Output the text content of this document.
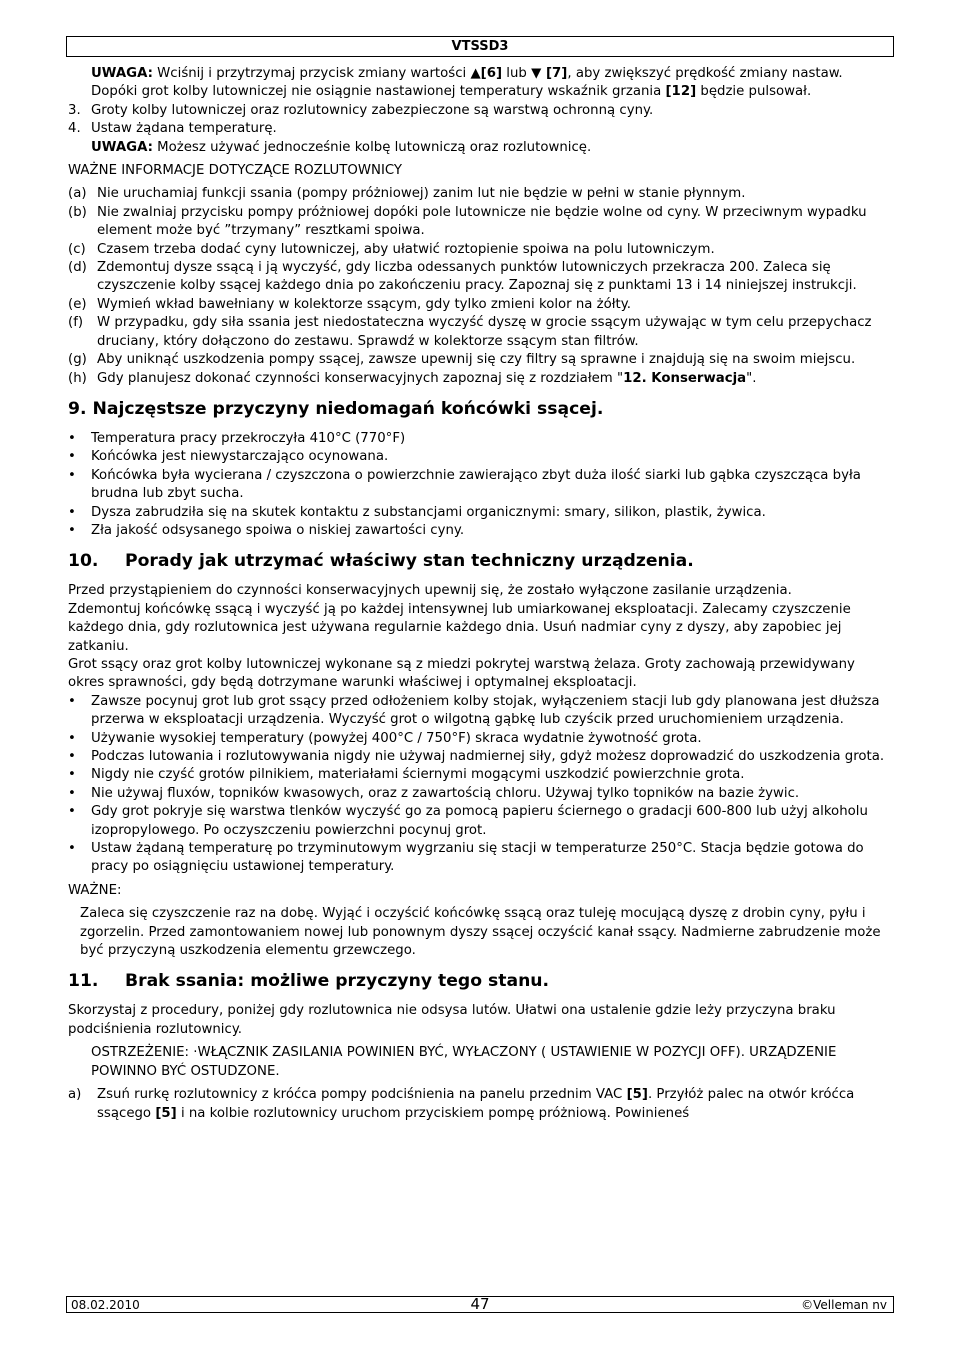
VTSSD3

UWAGA: Wciśnij i przytrzymaj przycisk zmiany wartości ▲[6] lub ▼ [7], aby zwiększyć prędkość zmiany nastaw. Dopóki grot kolby lutowniczej nie osiągnie nastawionej temperatury wskaźnik grzania [12] będzie pulsował.

3. Groty kolby lutowniczej oraz rozlutownicy zabezpieczone są warstwą ochronną cyny.
4. Ustaw żądana temperaturę.

UWAGA: Możesz używać jednocześnie kolbę lutowniczą oraz rozlutownicę.

WAŻNE INFORMACJE DOTYCZĄCE ROZLUTOWNICY

(a) Nie uruchamiaj funkcji ssania (pompy próżniowej) zanim lut nie będzie w pełni w stanie płynnym.
(b) Nie zwalniaj przycisku pompy próżniowej dopóki pole lutownicze nie będzie wolne od cyny. W przeciwnym wypadku element może być ”trzymany” resztkami spoiwa.
(c) Czasem trzeba dodać cyny lutowniczej, aby ułatwić roztopienie spoiwa na polu lutowniczym.
(d) Zdemontuj dysze ssącą i ją wyczyść, gdy liczba odessanych punktów lutowniczych przekracza 200. Zaleca się czyszczenie kolby ssącej każdego dnia po zakończeniu pracy. Zapoznaj się z punktami 13 i 14 niniejszej instrukcji.
(e) Wymień wkład bawełniany w kolektorze ssącym, gdy tylko zmieni kolor na żółty.
(f)	W przypadku, gdy siła ssania jest niedostateczna wyczyść dyszę w grocie ssącym używając w tym celu przepychacz druciany, który dołączono do zestawu. Sprawdź w kolektorze ssącym stan filtrów.
(g) Aby uniknąć uszkodzenia pompy ssącej, zawsze upewnij się czy filtry są sprawne i znajdują się na swoim miejscu.
(h) Gdy planujesz dokonać czynności konserwacyjnych zapoznaj się z rozdziałem "12. Konserwacja".
9. Najczęstsze przyczyny niedomagań końcówki ssącej.
•	Temperatura pracy przekroczyła 410°C (770°F)
•	Końcówka jest niewystarczająco ocynowana.
•	Końcówka była wycierana / czyszczona o powierzchnie zawierająco zbyt duża ilość siarki lub gąbka czyszcząca była brudna lub zbyt sucha.
•	Dysza zabrudziła się na skutek kontaktu z substancjami organicznymi: smary, silikon, plastik, żywica.
•	Zła jakość odsysanego spoiwa o niskiej zawartości cyny.
10.	Porady jak utrzymać właściwy stan techniczny urządzenia.

Przed przystąpieniem do czynności konserwacyjnych upewnij się, że zostało wyłączone zasilanie urządzenia.

Zdemontuj końcówkę ssącą i wyczyść ją po każdej intensywnej lub umiarkowanej eksploatacji. Zalecamy czyszczenie każdego dnia, gdy rozlutownica jest używana regularnie każdego dnia. Usuń nadmiar cyny z dyszy, aby zapobiec jej zatkaniu.

Grot ssący oraz grot kolby lutowniczej wykonane są z miedzi pokrytej warstwą żelaza. Groty zachowają przewidywany okres sprawności, gdy będą dotrzymane warunki właściwej i optymalnej eksploatacji.

•	Zawsze pocynuj grot lub grot ssący przed odłożeniem kolby stojak, wyłączeniem stacji lub gdy planowana jest dłuższa przerwa w eksploatacji urządzenia. Wyczyść grot o wilgotną gąbkę lub czyścik przed uruchomieniem urządzenia.
•	Używanie wysokiej temperatury (powyżej 400°C / 750°F) skraca wydatnie żywotność grota.
•	Podczas lutowania i rozlutowywania nigdy nie używaj nadmiernej siły, gdyż możesz doprowadzić do uszkodzenia grota.
•	Nigdy nie czyść grotów pilnikiem, materiałami ściernymi mogącymi uszkodzić powierzchnie grota.
•	Nie używaj fluxów, topników kwasowych, oraz z zawartością chloru. Używaj tylko topników na bazie żywic.
•	Gdy grot pokryje się warstwa tlenków wyczyść go za pomocą papieru ściernego o gradacji 600-800 lub użyj alkoholu izopropylowego. Po oczyszczeniu powierzchni pocynuj grot.
•	Ustaw żądaną temperaturę po trzyminutowym wygrzaniu się stacji w temperaturze 250°C. Stacja będzie gotowa do pracy po osiągnięciu ustawionej temperatury.

WAŻNE:

Zaleca się czyszczenie raz na dobę. Wyjąć i oczyścić końcówkę ssącą oraz tuleję mocującą dyszę z drobin cyny, pyłu i zgorzelin. Przed zamontowaniem nowej lub ponownym dyszy ssącej oczyścić kanał ssący. Nadmierne zabrudzenie może być przyczyną uszkodzenia elementu grzewczego.

11.	Brak ssania: możliwe przyczyny tego stanu.

Skorzystaj z procedury, poniżej gdy rozlutownica nie odsysa lutów. Ułatwi ona ustalenie gdzie leży przyczyna braku podciśnienia rozlutownicy.

OSTRZEŻENIE: ·WŁĄCZNIK ZASILANIA POWINIEN BYĆ, WYŁACZONY ( USTAWIENIE W POZYCJI OFF). URZĄDZENIE POWINNO BYĆ OSTUDZONE.

a)	Zsuń rurkę rozlutownicy z króćca pompy podciśnienia na panelu przednim VAC [5]. Przyłóż palec na otwór króćca ssącego [5] i na kolbie rozlutownicy uruchom przyciskiem pompę próżniową. Powinieneś
08.02.2010	47	©Velleman nv
